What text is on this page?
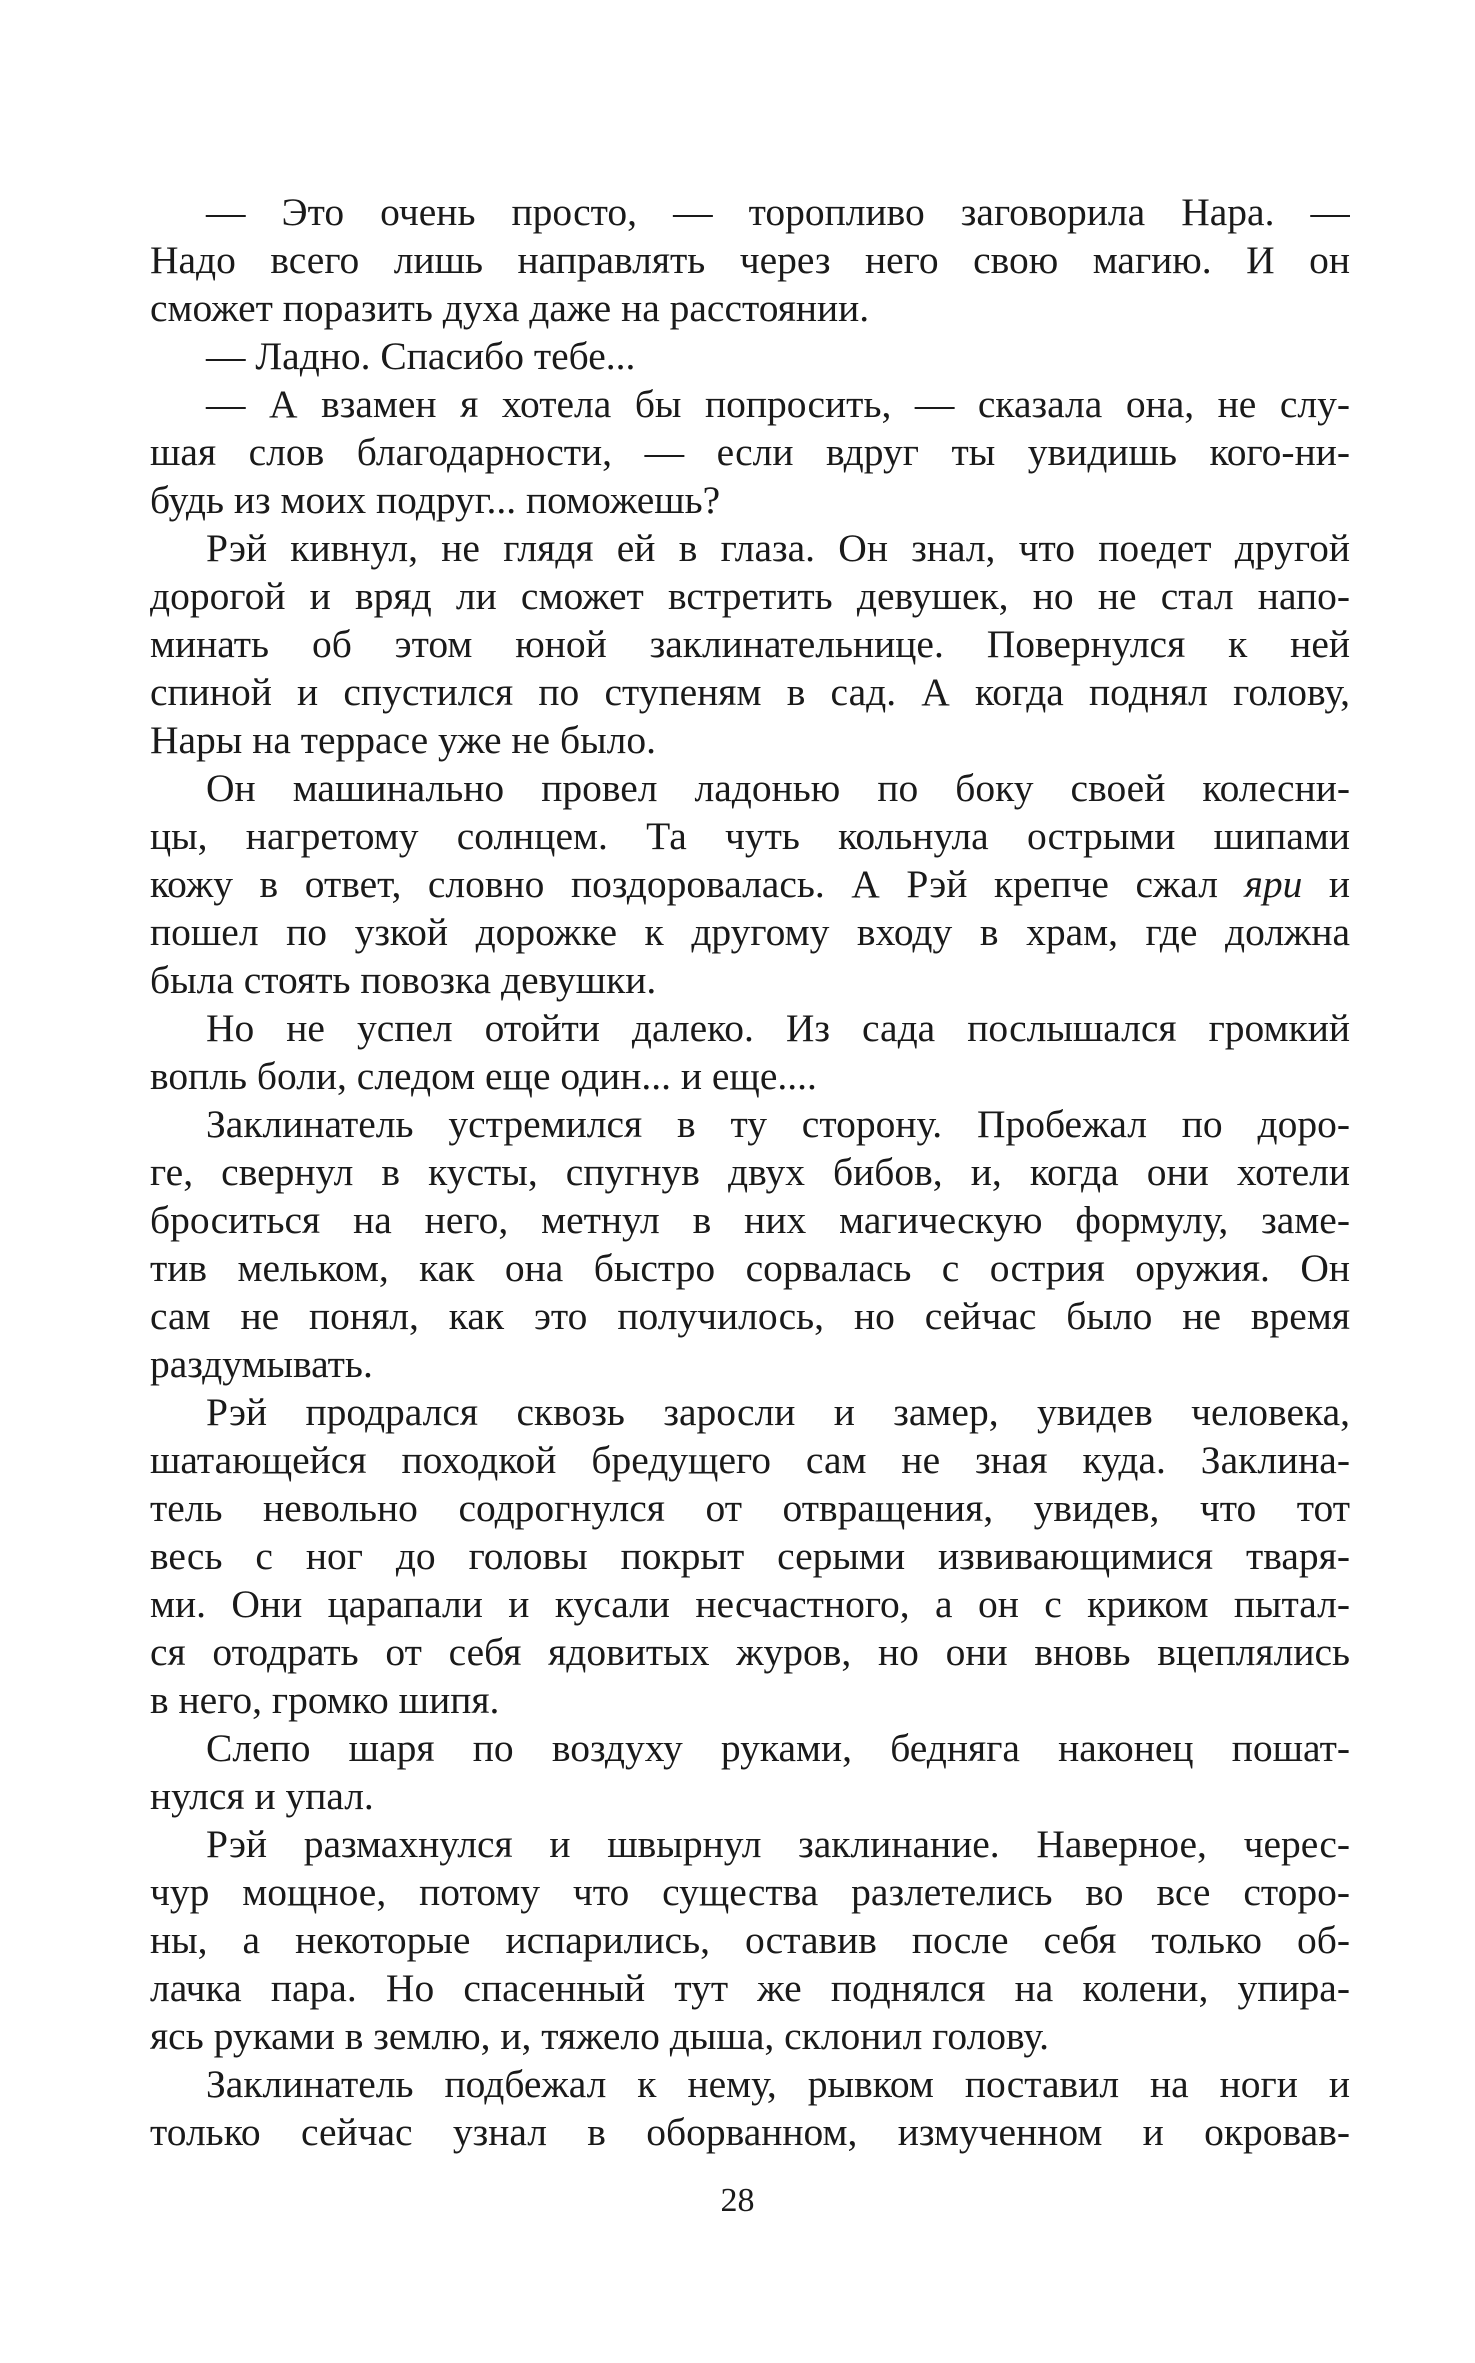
— Это очень просто, — торопливо заговорила Нара. —
Надо всего лишь направлять через него свою магию. И он
сможет поразить духа даже на расстоянии.
— Ладно. Спасибо тебе...
— А взамен я хотела бы попросить, — сказала она, не слу-
шая слов благодарности, — если вдруг ты увидишь кого-ни-
будь из моих подруг... поможешь?
Рэй кивнул, не глядя ей в глаза. Он знал, что поедет другой
дорогой и вряд ли сможет встретить девушек, но не стал напо-
минать об этом юной заклинательнице. Повернулся к ней
спиной и спустился по ступеням в сад. А когда поднял голову,
Нары на террасе уже не было.
Он машинально провел ладонью по боку своей колесни-
цы, нагретому солнцем. Та чуть кольнула острыми шипами
кожу в ответ, словно поздоровалась. А Рэй крепче сжал яри и
пошел по узкой дорожке к другому входу в храм, где должна
была стоять повозка девушки.
Но не успел отойти далеко. Из сада послышался громкий
вопль боли, следом еще один... и еще....
Заклинатель устремился в ту сторону. Пробежал по доро-
ге, свернул в кусты, спугнув двух бибов, и, когда они хотели
броситься на него, метнул в них магическую формулу, заме-
тив мельком, как она быстро сорвалась с острия оружия. Он
сам не понял, как это получилось, но сейчас было не время
раздумывать.
Рэй продрался сквозь заросли и замер, увидев человека,
шатающейся походкой бредущего сам не зная куда. Заклина-
тель невольно содрогнулся от отвращения, увидев, что тот
весь с ног до головы покрыт серыми извивающимися тваря-
ми. Они царапали и кусали несчастного, а он с криком пытал-
ся отодрать от себя ядовитых журов, но они вновь вцеплялись
в него, громко шипя.
Слепо шаря по воздуху руками, бедняга наконец пошат-
нулся и упал.
Рэй размахнулся и швырнул заклинание. Наверное, черес-
чур мощное, потому что существа разлетелись во все сторо-
ны, а некоторые испарились, оставив после себя только об-
лачка пара. Но спасенный тут же поднялся на колени, упира-
ясь руками в землю, и, тяжело дыша, склонил голову.
Заклинатель подбежал к нему, рывком поставил на ноги и
только сейчас узнал в оборванном, измученном и окровав-
28
